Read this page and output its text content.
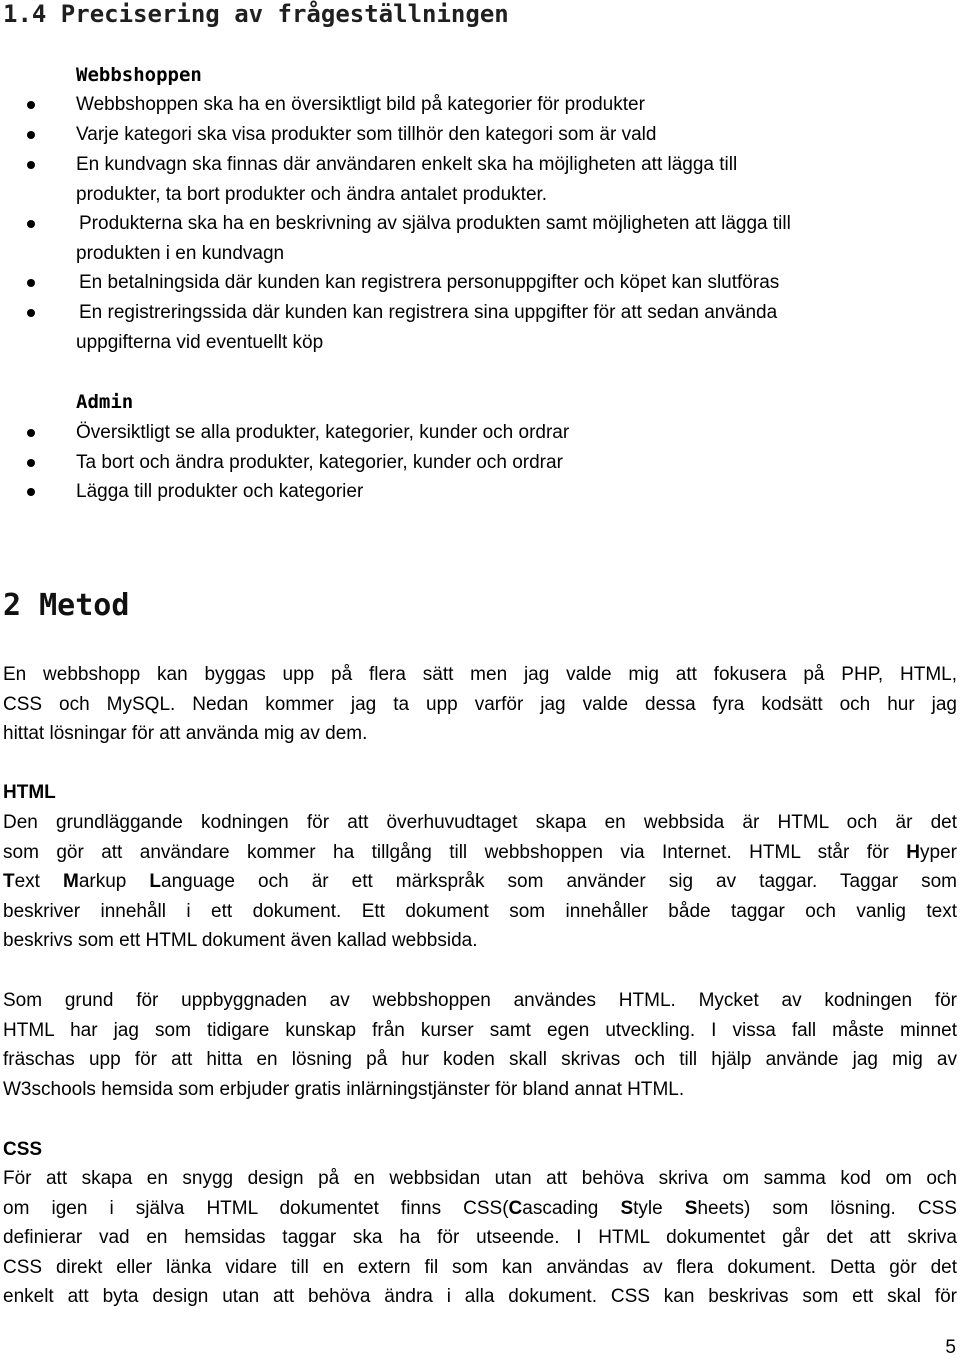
1.4 Precisering av frågeställningen
Webbshoppen
Webbshoppen ska ha en översiktligt bild på kategorier för produkter
Varje kategori ska visa produkter som tillhör den kategori som är vald
En kundvagn ska finnas där användaren enkelt ska ha möjligheten att lägga till
produkter, ta bort produkter och ändra antalet produkter.
Produkterna ska ha en beskrivning av själva produkten samt möjligheten att lägga till
produkten i en kundvagn
En betalningsida där kunden kan registrera personuppgifter och köpet kan slutföras
En registreringssida där kunden kan registrera sina uppgifter för att sedan använda
uppgifterna vid eventuellt köp
Admin
Översiktligt se alla produkter, kategorier, kunder och ordrar
Ta bort och ändra produkter, kategorier, kunder och ordrar
Lägga till produkter och kategorier
2 Metod

En webbshopp kan byggas upp på flera sätt men jag valde mig att fokusera på PHP, HTML,
CSS och MySQL. Nedan kommer jag ta upp varför jag valde dessa fyra kodsätt och hur jag
hittat lösningar för att använda mig av dem.

HTML

Den grundläggande kodningen för att överhuvudtaget skapa en webbsida är HTML och är det
som gör att användare kommer ha tillgång till webbshoppen via Internet. HTML står för Hyper
Text Markup Language och är ett märkspråk som använder sig av taggar. Taggar som
beskriver innehåll i ett dokument. Ett dokument som innehåller både taggar och vanlig text
beskrivs som ett HTML dokument även kallad webbsida.

Som grund för uppbyggnaden av webbshoppen användes HTML. Mycket av kodningen för
HTML har jag som tidigare kunskap från kurser samt egen utveckling. I vissa fall måste minnet
fräschas upp för att hitta en lösning på hur koden skall skrivas och till hjälp använde jag mig av
W3schools hemsida som erbjuder gratis inlärningstjänster för bland annat HTML.

CSS

För att skapa en snygg design på en webbsidan utan att behöva skriva om samma kod om och
om igen i själva HTML dokumentet finns CSS(Cascading Style Sheets) som lösning. CSS
definierar vad en hemsidas taggar ska ha för utseende. I HTML dokumentet går det att skriva
CSS direkt eller länka vidare till en extern fil som kan användas av flera dokument. Detta gör det
enkelt att byta design utan att behöva ändra i alla dokument. CSS kan beskrivas som ett skal för

5
